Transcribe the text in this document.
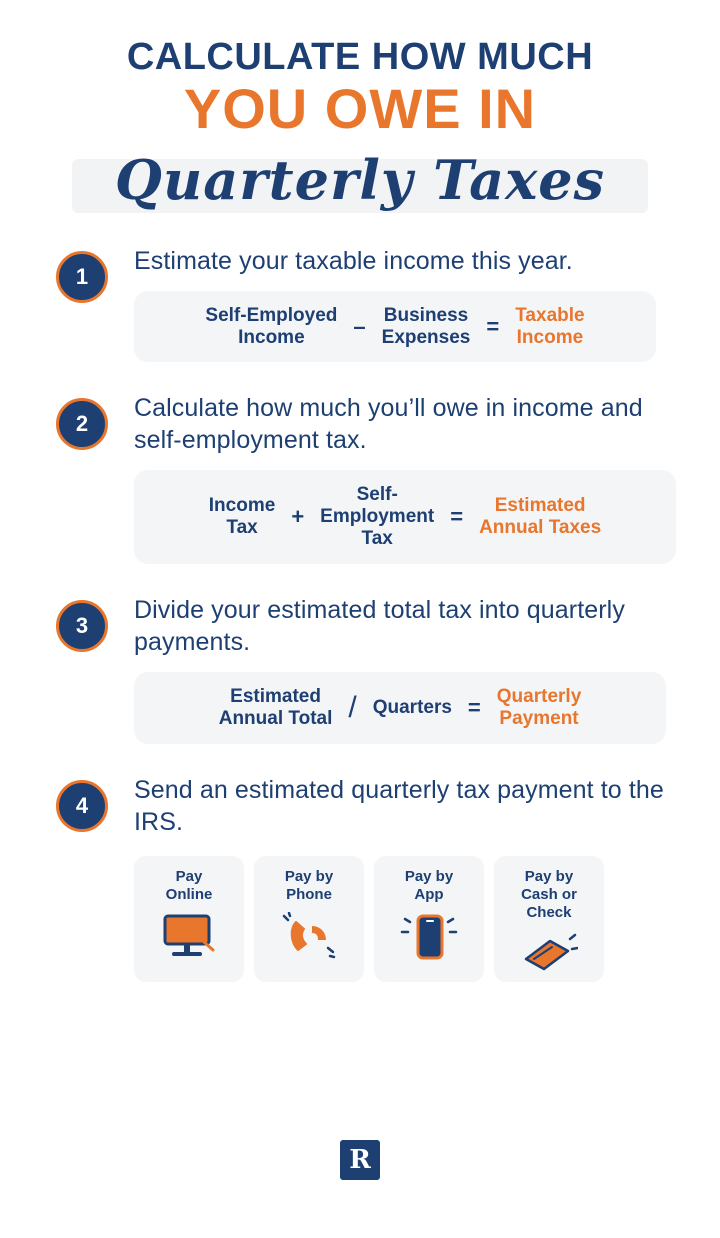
CALCULATE HOW MUCH
YOU OWE IN
Quarterly Taxes
1
Estimate your taxable income this year.
Self-Employed
Income	– Business
Expenses = Taxable
Income
2
Calculate how much you’ll owe in income and self-employment tax.
Income
Tax	+
Self-
Employment
Tax
=	Estimated
Annual Taxes
3
Divide your estimated total tax into quarterly payments.
Estimated
Annual Total / Quarters = Quarterly
Payment
4
Send an estimated quarterly tax payment to the IRS.
Pay
Online
Pay by
Phone
Pay by
App
Pay by
Cash or
Check
R
